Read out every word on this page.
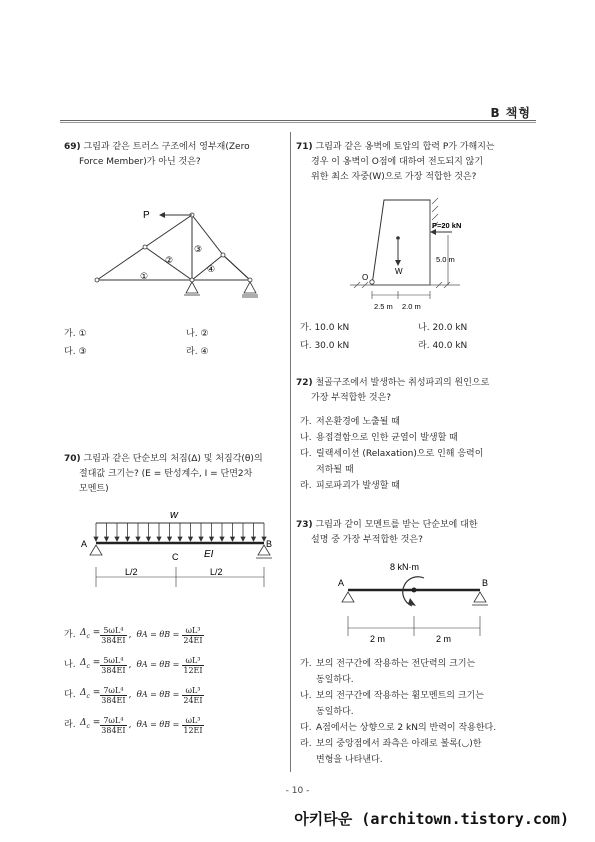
B 책형
69) 그림과 같은 트러스 구조에서 영부재(Zero
Force Member)가 아닌 것은?
P
①
②
③
④
가. ①	나. ②
다. ③	라. ④
70) 그림과 같은 단순보의 처짐(Δ) 및 처짐각(θ)의
절대값 크기는? (E = 탄성계수, I = 단면2차
모멘트)
w
A	B
C	EI
L/2	L/2
가. $\Delta_c = \frac{\text{5ωL⁴}}{384EI}$ , $\theta A = \theta B = \frac{\text{ωL³}}{24EI}$
나. $\Delta_c = \frac{\text{5ωL⁴}}{384EI}$ , $\theta A = \theta B = \frac{\text{ωL³}}{12EI}$
다. $\Delta_c = \frac{\text{7ωL⁴}}{384EI}$ , $\theta A = \theta B = \frac{\text{ωL³}}{24EI}$
라. $\Delta_c = \frac{\text{7ωL⁴}}{384EI}$ , $\theta A = \theta B = \frac{\text{ωL³}}{12EI}$
71) 그림과 같은 옹벽에 토압의 합력 P가 가해지는
경우 이 옹벽이 O점에 대하여 전도되지 않기
위한 최소 자중(W)으로 가장 적합한 것은?
P=20 kN
5.0 m
W
O
2.5 m 2.0 m
가. 10.0 kN	나. 20.0 kN
다. 30.0 kN	라. 40.0 kN
72) 철골구조에서 발생하는 취성파괴의 원인으로
가장 부적합한 것은?
가. 저온환경에 노출될 때
나. 용접결함으로 인한 균열이 발생할 때
다. 릴랙세이션 (Relaxation)으로 인해 응력이
저하될 때
라. 피로파괴가 발생할 때
73) 그림과 같이 모멘트를 받는 단순보에 대한
설명 중 가장 부적합한 것은?
8 kN·m
A	B
2 m	2 m
가. 보의 전구간에 작용하는 전단력의 크기는
동일하다.
나. 보의 전구간에 작용하는 휨모멘트의 크기는
동일하다.
다. A점에서는 상향으로 2 kN의 반력이 작용한다.
라. 보의 중앙점에서 좌측은 아래로 볼록(◡)한
변형을 나타낸다.
- 10 -
아키타운 (architown.tistory.com)
